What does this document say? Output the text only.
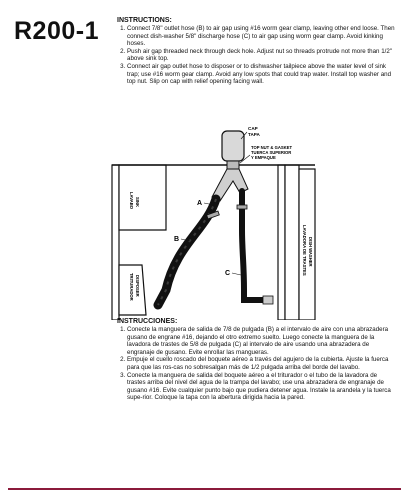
R200-1	INSTRUCTIONS:
1. Connect 7/8" outlet hose (B) to air gap using #16 worm gear clamp, leaving other end loose. Then connect dish-washer 5/8" discharge hose (C) to air gap using worm gear clamp. Avoid kinking hoses.
2. Push air gap threaded neck through deck hole. Adjust nut so threads protrude not more than 1/2" above sink top.
3. Connect air gap outlet hose to disposer or to dishwasher tailpiece above the water level of sink trap; use #16 worm gear clamp. Avoid any low spots that could trap water. Install top washer and top nut. Slip on cap with relief opening facing wall.
CAP
TAPA
TOP NUT & GASKET
TUERCA SUPERIOR
Y EMPAQUE
SINK
LAVABO
DISPOSER
TRITURADOR
DISH WASHER
LAVADORA DE TRASTES
A
B
C
INSTRUCCIONES:
1. Conecte la manguera de salida de 7/8 de pulgada (B) a el intervalo de aire con una abrazadera gusano de engrane #16, dejando el otro extremo suelto. Luego conecte la manguera de la lavadora de trastes de 5/8 de pulgada (C) al intervalo de aire usando una abrazadera de engranaje de gusano. Evite enrollar las mangueras.
2. Empuje el cuello roscado del boquete aéreo a través del agujero de la cubierta. Ajuste la fuerca para que las ros-cas no sobresalgan más de 1/2 pulgada arriba del borde del lavabo.
3. Conecte la manguera de salida del boquete aéreo a el triturador o el tubo de la lavadora de trastes arriba del nivel del agua de la trampa del lavabo; use una abrazadera de engranaje de gusano #16. Evite cualquier punto bajo que pudiera detener agua. Instale la arandela y la tuerca supe-rior. Coloque la tapa con la abertura dirigida hacia la pared.
